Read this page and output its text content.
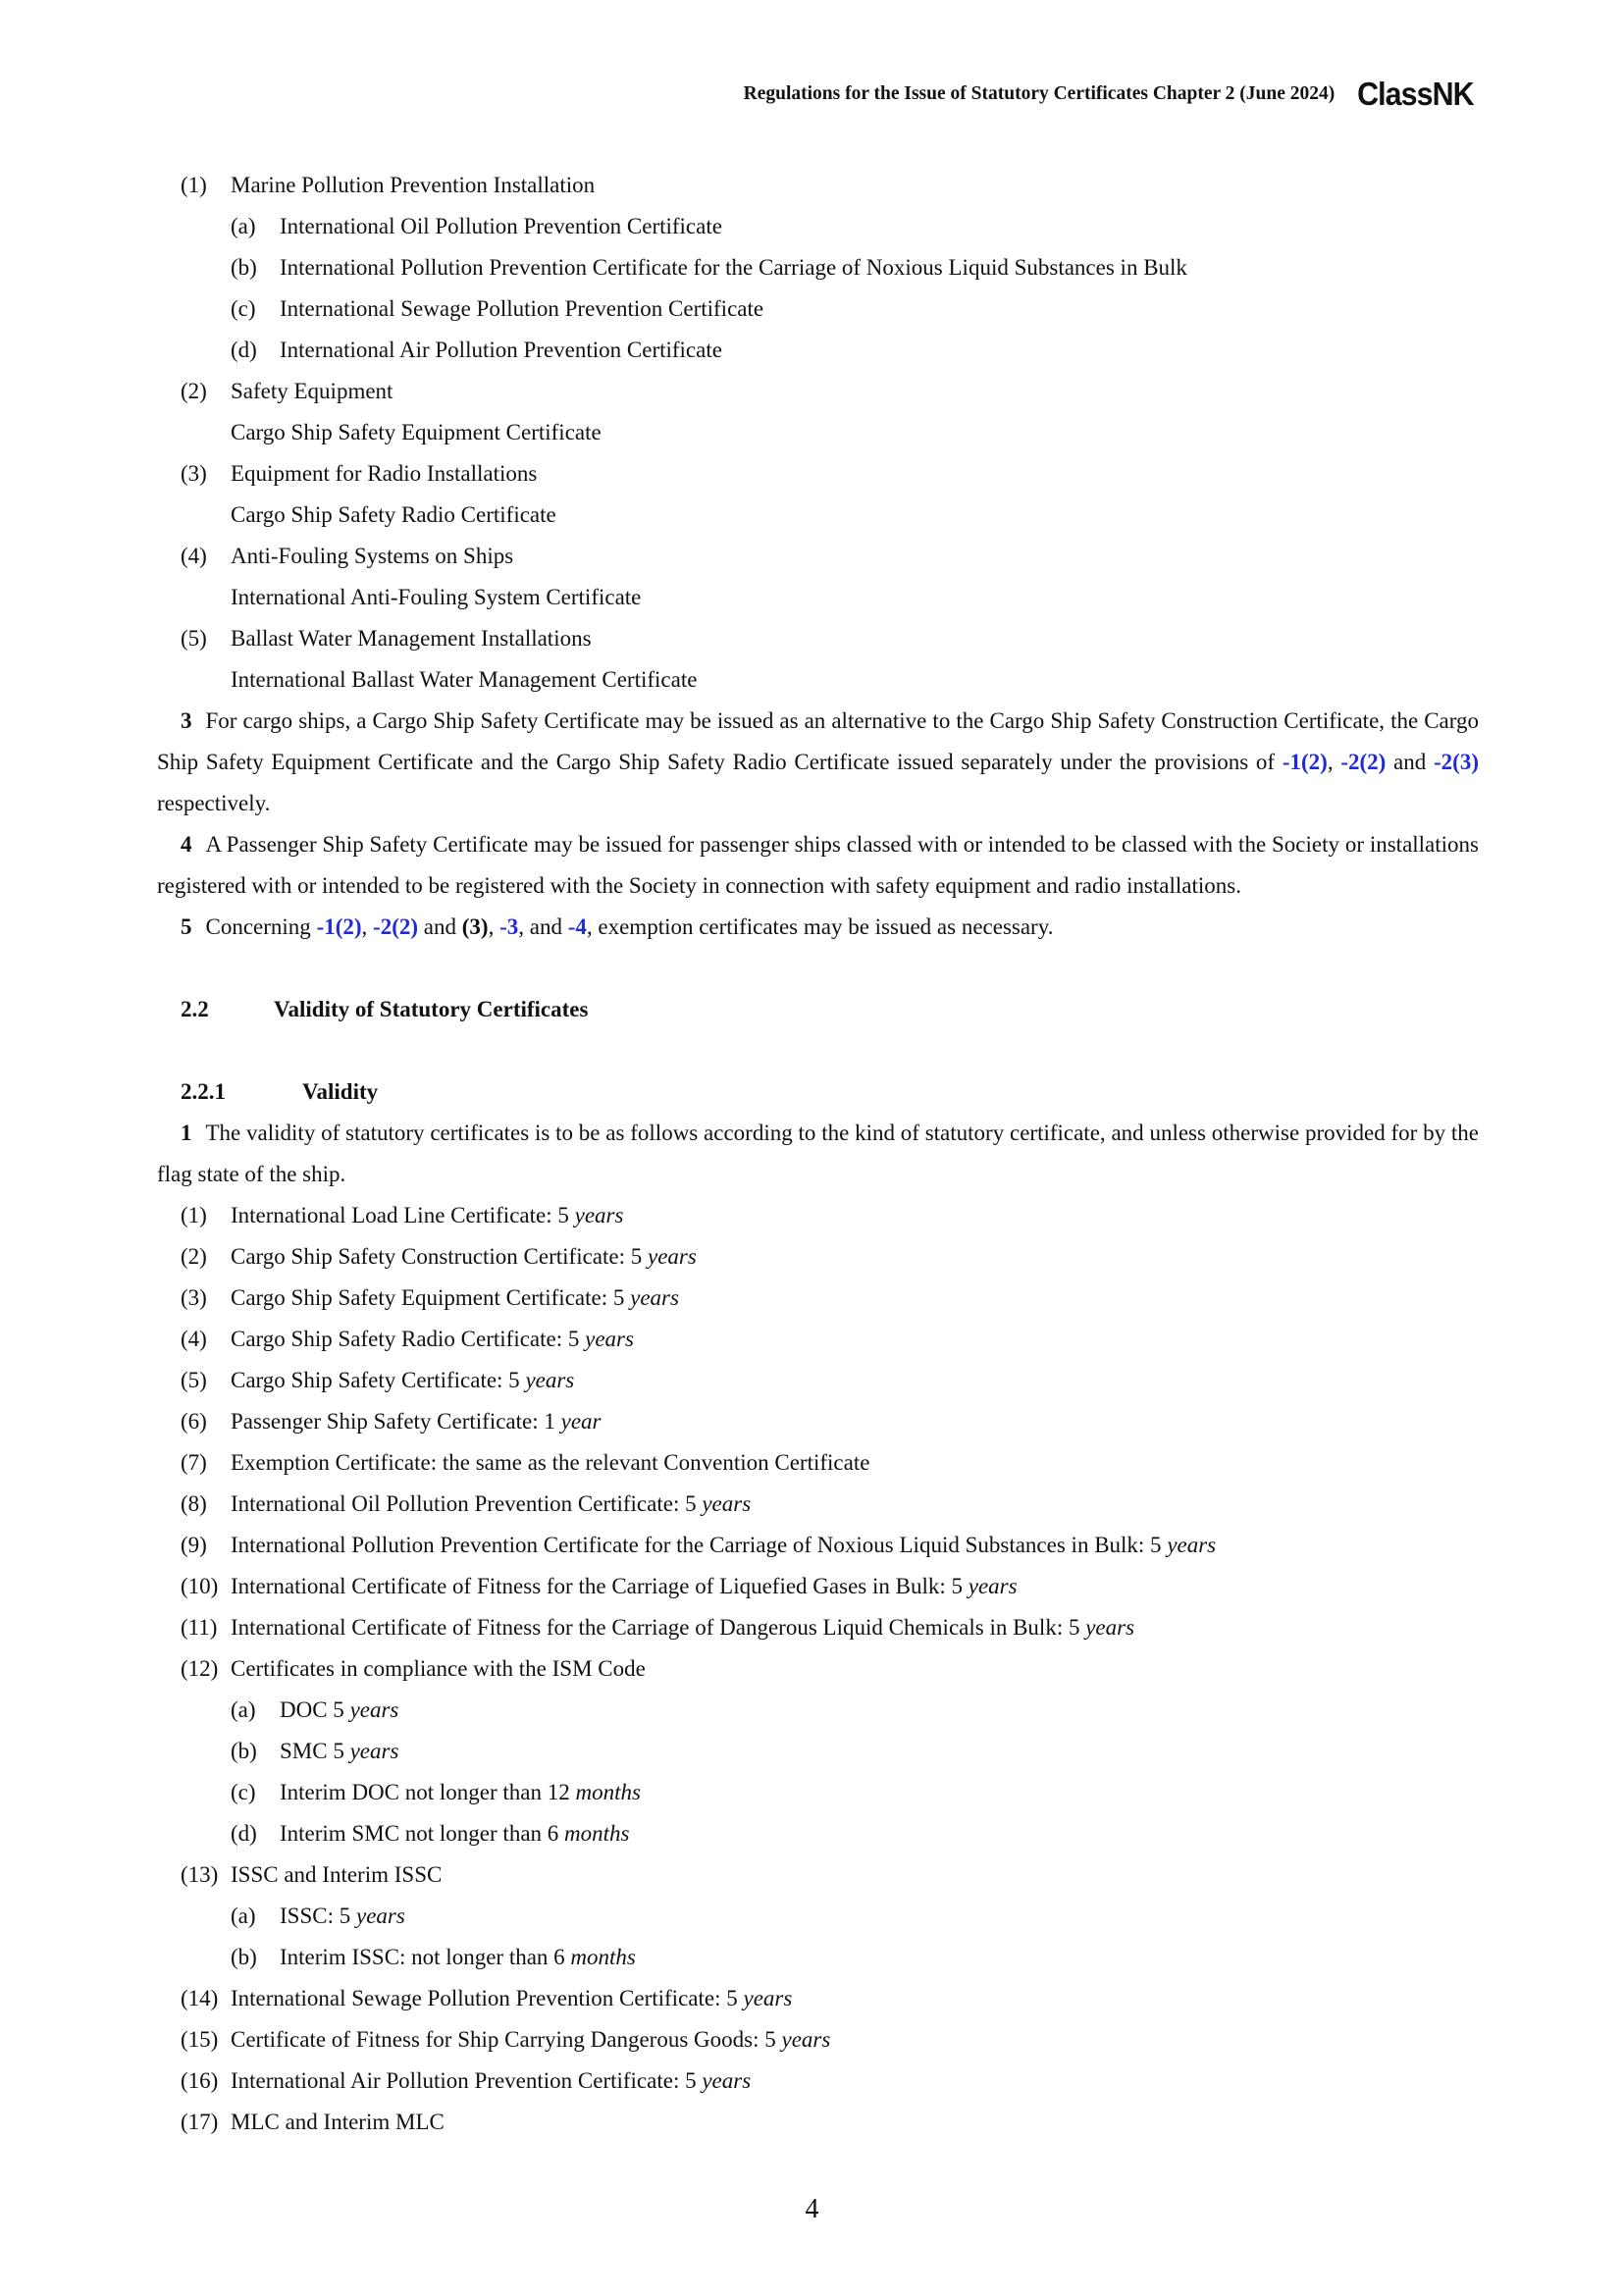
Regulations for the Issue of Statutory Certificates Chapter 2 (June 2024) ClassNK
(1) Marine Pollution Prevention Installation
(a) International Oil Pollution Prevention Certificate
(b) International Pollution Prevention Certificate for the Carriage of Noxious Liquid Substances in Bulk
(c) International Sewage Pollution Prevention Certificate
(d) International Air Pollution Prevention Certificate
(2) Safety Equipment
Cargo Ship Safety Equipment Certificate
(3) Equipment for Radio Installations
Cargo Ship Safety Radio Certificate
(4) Anti-Fouling Systems on Ships
International Anti-Fouling System Certificate
(5) Ballast Water Management Installations
International Ballast Water Management Certificate

3 For cargo ships, a Cargo Ship Safety Certificate may be issued as an alternative to the Cargo Ship Safety Construction Certificate, the Cargo Ship Safety Equipment Certificate and the Cargo Ship Safety Radio Certificate issued separately under the provisions of -1(2), -2(2) and -2(3) respectively.

4 A Passenger Ship Safety Certificate may be issued for passenger ships classed with or intended to be classed with the Society or installations registered with or intended to be registered with the Society in connection with safety equipment and radio installations.

5 Concerning -1(2), -2(2) and (3), -3, and -4, exemption certificates may be issued as necessary.

2.2	Validity of Statutory Certificates
2.2.1	Validity

1 The validity of statutory certificates is to be as follows according to the kind of statutory certificate, and unless otherwise provided for by the flag state of the ship.

(1) International Load Line Certificate: 5 years
(2) Cargo Ship Safety Construction Certificate: 5 years
(3) Cargo Ship Safety Equipment Certificate: 5 years
(4) Cargo Ship Safety Radio Certificate: 5 years
(5) Cargo Ship Safety Certificate: 5 years
(6) Passenger Ship Safety Certificate: 1 year
(7) Exemption Certificate: the same as the relevant Convention Certificate
(8) International Oil Pollution Prevention Certificate: 5 years
(9) International Pollution Prevention Certificate for the Carriage of Noxious Liquid Substances in Bulk: 5 years
(10) International Certificate of Fitness for the Carriage of Liquefied Gases in Bulk: 5 years
(11) International Certificate of Fitness for the Carriage of Dangerous Liquid Chemicals in Bulk: 5 years
(12) Certificates in compliance with the ISM Code
(a) DOC 5 years
(b) SMC 5 years
(c) Interim DOC not longer than 12 months
(d) Interim SMC not longer than 6 months
(13) ISSC and Interim ISSC
(a) ISSC: 5 years
(b) Interim ISSC: not longer than 6 months
(14) International Sewage Pollution Prevention Certificate: 5 years
(15) Certificate of Fitness for Ship Carrying Dangerous Goods: 5 years
(16) International Air Pollution Prevention Certificate: 5 years
(17) MLC and Interim MLC
4
